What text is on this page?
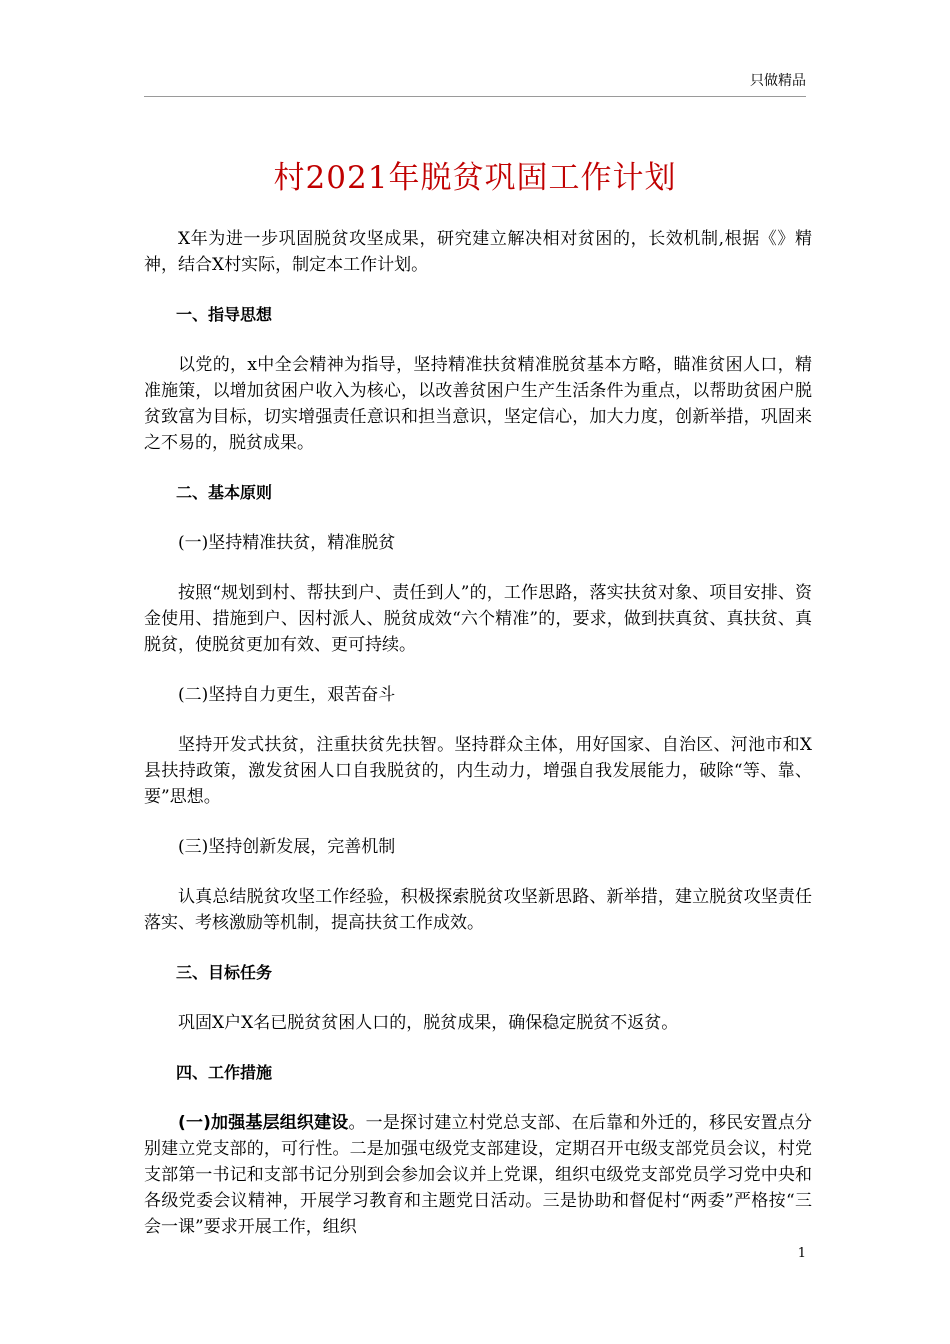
只做精品
村2021年脱贫巩固工作计划

X年为进一步巩固脱贫攻坚成果，研究建立解决相对贫困的，长效机制,根据《》精神，结合X村实际，制定本工作计划。

一、指导思想

以党的，x中全会精神为指导，坚持精准扶贫精准脱贫基本方略，瞄准贫困人口，精准施策，以增加贫困户收入为核心，以改善贫困户生产生活条件为重点，以帮助贫困户脱贫致富为目标，切实增强责任意识和担当意识，坚定信心，加大力度，创新举措，巩固来之不易的，脱贫成果。

二、基本原则

(一)坚持精准扶贫，精准脱贫

按照“规划到村、帮扶到户、责任到人”的，工作思路，落实扶贫对象、项目安排、资金使用、措施到户、因村派人、脱贫成效“六个精准”的，要求，做到扶真贫、真扶贫、真脱贫，使脱贫更加有效、更可持续。

(二)坚持自力更生，艰苦奋斗

坚持开发式扶贫，注重扶贫先扶智。坚持群众主体，用好国家、自治区、河池市和X县扶持政策，激发贫困人口自我脱贫的，内生动力，增强自我发展能力，破除“等、靠、要”思想。

(三)坚持创新发展，完善机制

认真总结脱贫攻坚工作经验，积极探索脱贫攻坚新思路、新举措，建立脱贫攻坚责任落实、考核激励等机制，提高扶贫工作成效。

三、目标任务

巩固X户X名已脱贫贫困人口的，脱贫成果，确保稳定脱贫不返贫。

四、工作措施

(一)加强基层组织建设。一是探讨建立村党总支部、在后靠和外迁的，移民安置点分别建立党支部的，可行性。二是加强屯级党支部建设，定期召开屯级支部党员会议，村党支部第一书记和支部书记分别到会参加会议并上党课，组织屯级党支部党员学习党中央和各级党委会议精神，开展学习教育和主题党日活动。三是协助和督促村“两委”严格按“三会一课”要求开展工作，组织

1
